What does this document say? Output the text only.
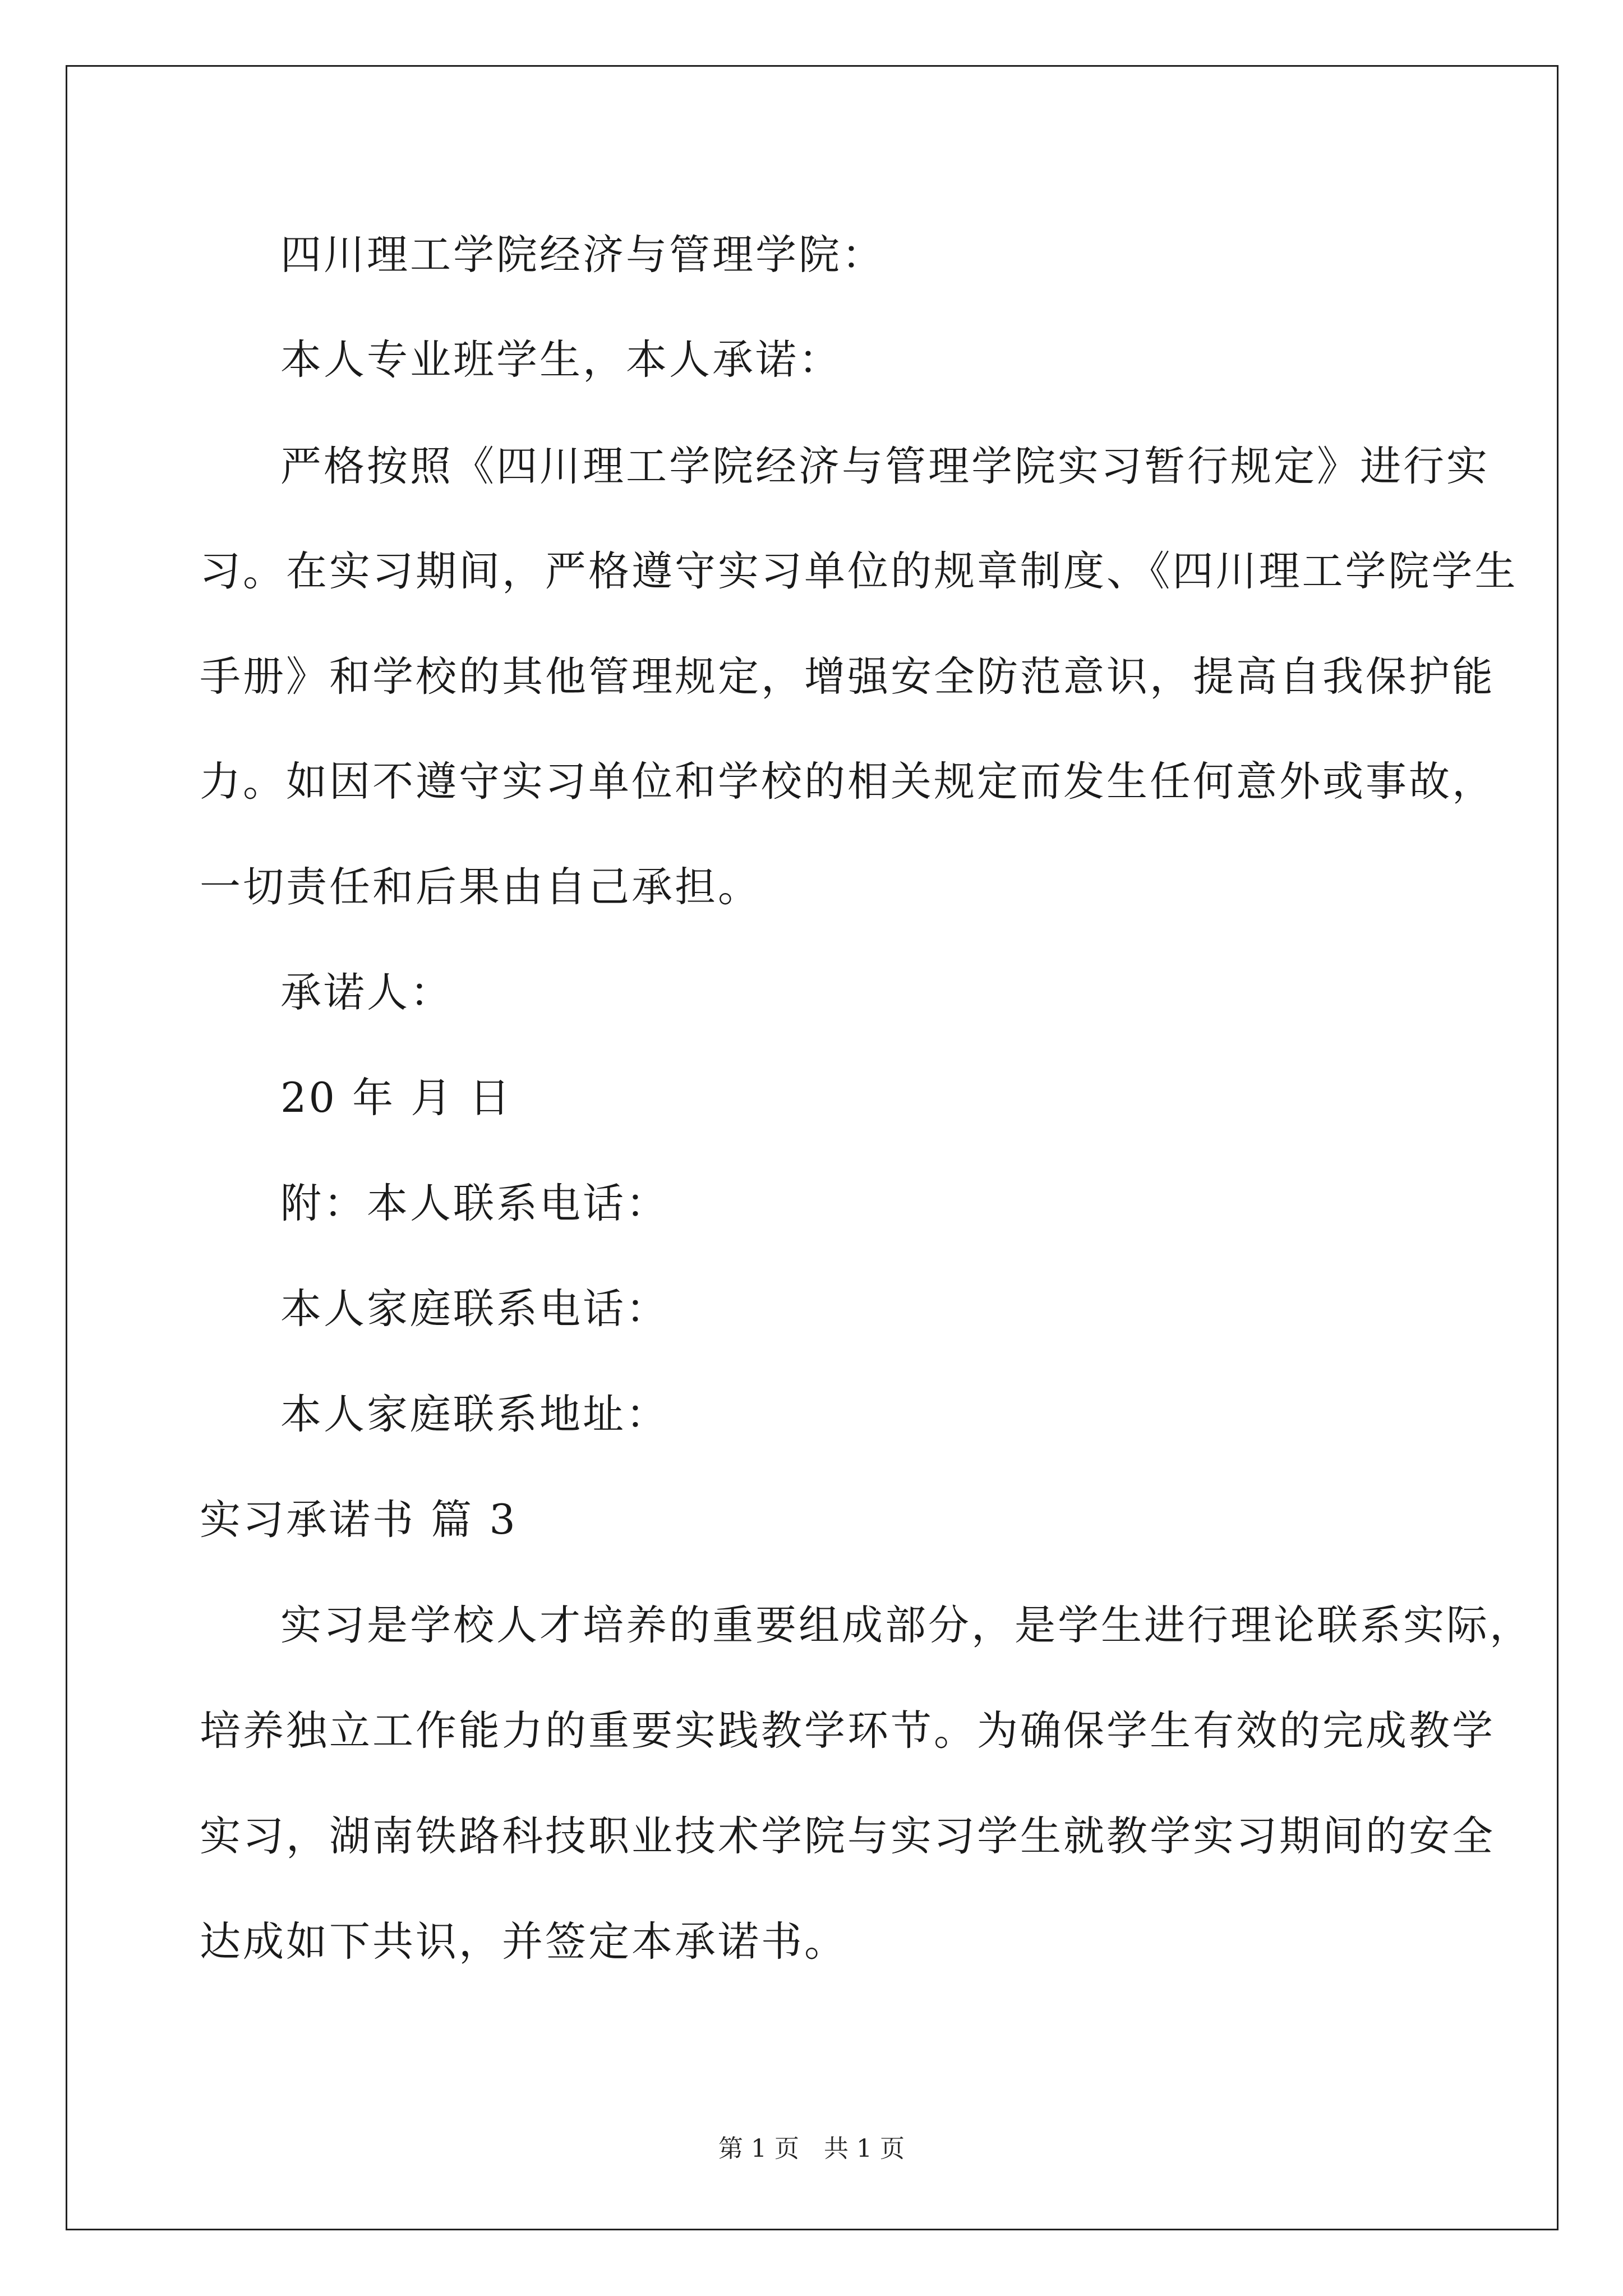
四川理工学院经济与管理学院：
本人专业班学生，本人承诺：
严格按照《四川理工学院经济与管理学院实习暂行规定》进行实
习。在实习期间，严格遵守实习单位的规章制度、《四川理工学院学生
手册》和学校的其他管理规定，增强安全防范意识，提高自我保护能
力。如因不遵守实习单位和学校的相关规定而发生任何意外或事故，
一切责任和后果由自己承担。
承诺人：
20 年 月 日
附：本人联系电话：
本人家庭联系电话：
本人家庭联系地址：
实习承诺书 篇 3
实习是学校人才培养的重要组成部分，是学生进行理论联系实际，
培养独立工作能力的重要实践教学环节。为确保学生有效的完成教学
实习，湖南铁路科技职业技术学院与实习学生就教学实习期间的安全
达成如下共识，并签定本承诺书。
第 1 页　共 1 页
